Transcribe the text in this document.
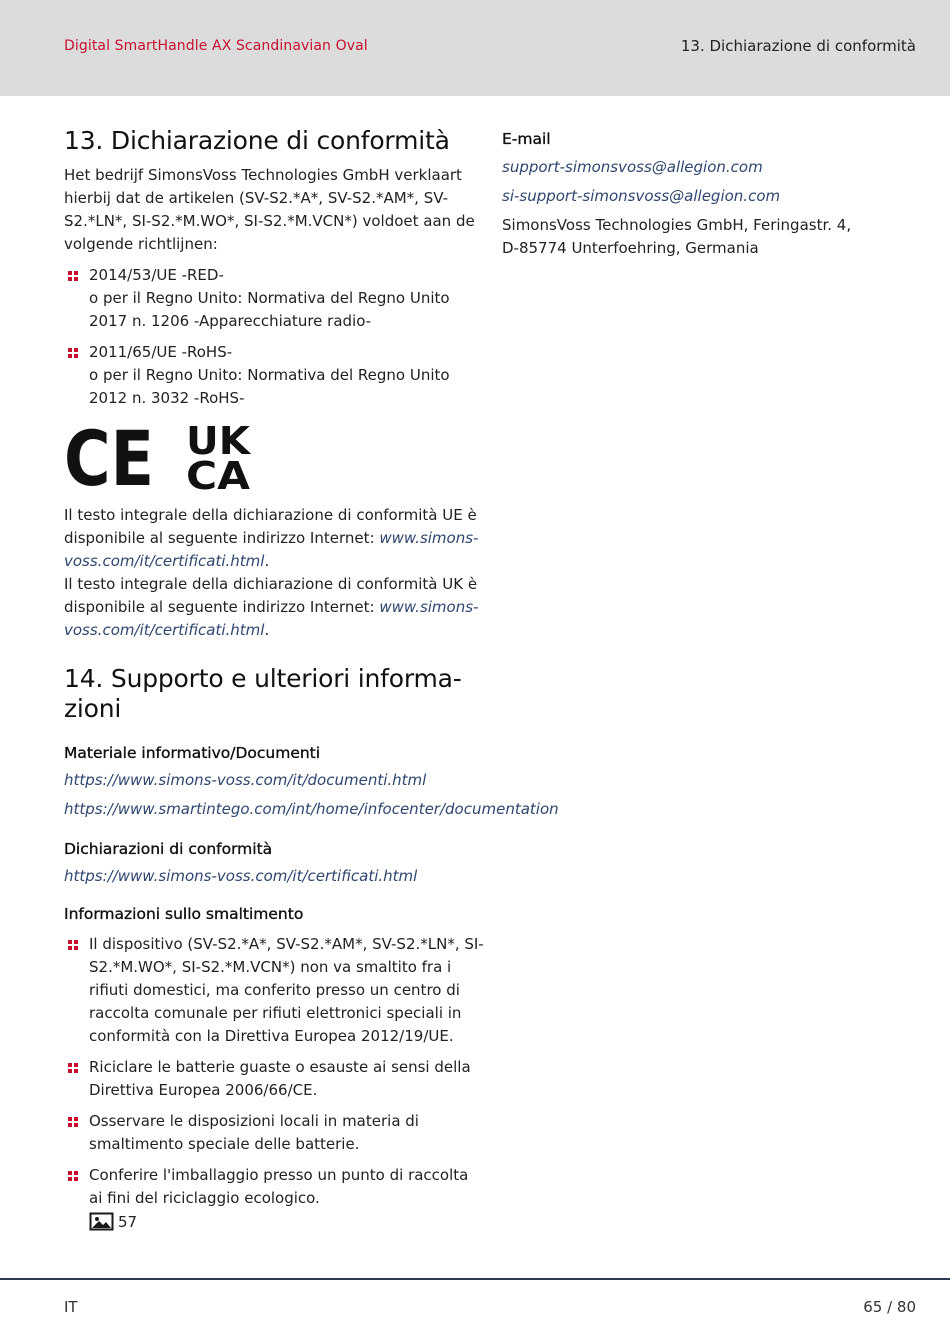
Digital SmartHandle AX Scandinavian Oval	13. Dichiarazione di conformità
13. Dichiarazione di conformità

Het bedrijf SimonsVoss Technologies GmbH verklaart hierbij dat de artikelen (SV-S2.*A*, SV-S2.*AM*, SV-S2.*LN*, SI-S2.*M.WO*, SI-S2.*M.VCN*) voldoet aan de volgende richtlijnen:

2014/53/UE -RED-
o per il Regno Unito: Normativa del Regno Unito 2017 n. 1206 -Apparecchiature radio-
2011/65/UE -RoHS-
o per il Regno Unito: Normativa del Regno Unito 2012 n. 3032 -RoHS-
CE UK
CA

Il testo integrale della dichiarazione di conformità UE è disponibile al seguente indirizzo Internet: www.simons-voss.com/it/certificati.html.

Il testo integrale della dichiarazione di conformità UK è disponibile al seguente indirizzo Internet: www.simons-voss.com/it/certificati.html.

14. Supporto e ulteriori informa-zioni
Materiale informativo/Documenti
https://www.simons-voss.com/it/documenti.html
https://www.smartintego.com/int/home/infocenter/documentation
Dichiarazioni di conformità
https://www.simons-voss.com/it/certificati.html
Informazioni sullo smaltimento
Il dispositivo (SV-S2.*A*, SV-S2.*AM*, SV-S2.*LN*, SI-S2.*M.WO*, SI-S2.*M.VCN*) non va smaltito fra i rifiuti domestici, ma conferito presso un centro di raccolta comunale per rifiuti elettronici speciali in conformità con la Direttiva Europea 2012/19/UE.
Riciclare le batterie guaste o esauste ai sensi della Direttiva Europea 2006/66/CE.
Osservare le disposizioni locali in materia di smaltimento speciale delle batterie.
Conferire l'imballaggio presso un punto di raccolta ai fini del riciclaggio ecologico.
57
E-mail
support-simonsvoss@allegion.com
si-support-simonsvoss@allegion.com

SimonsVoss Technologies GmbH, Feringastr. 4, D-85774 Unterfoehring, Germania

IT	65 / 80
